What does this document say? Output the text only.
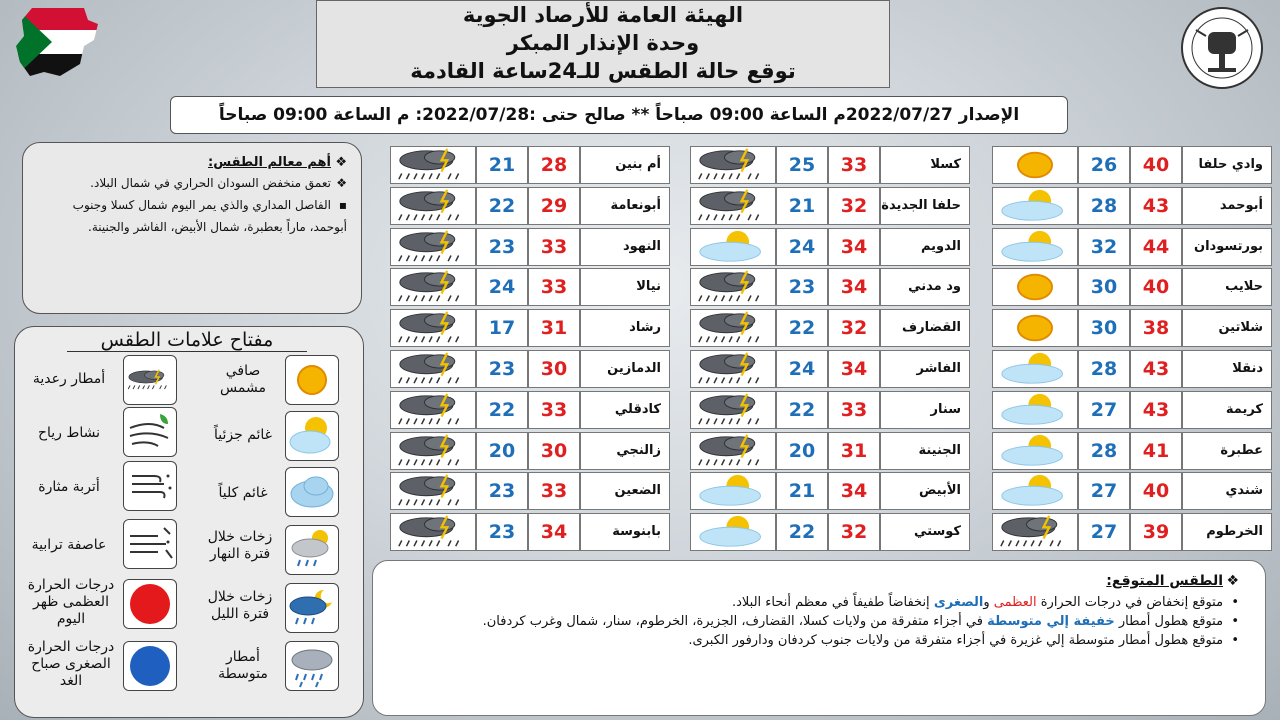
الهيئة العامة للأرصاد الجوية
وحدة الإنذار المبكر
توقع حالة الطقس للـ24ساعة القادمة
الإصدار 2022/07/27م الساعة 09:00 صباحاً ** صالح حتى :2022/07/28: م الساعة 09:00 صباحاً
❖أهم معالم الطقس:
❖تعمق منخفض السودان الحراري في شمال البلاد.
▪الفاصل المداري والذي يمر اليوم شمال كسلا وجنوب
أبوحمد، ماراً بعطبرة، شمال الأبيض، الفاشر والجنينة.
مفتاح علامات الطقس
أمطار رعدية	صافي مشمس
نشاط رياح	غائم جزئياً
أتربة مثارة	غائم كلياً
عاصفة ترابية	زخات خلال فترة النهار
درجات الحرارة العظمى ظهر اليوم
زخات خلال فترة الليل
درجات الحرارة الصغرى صباح الغد
أمطار متوسطة
21	28	أم بنين
22	29	أبونعامة
23	33	النهود
24	33	نيالا
17	31	رشاد
23	30	الدمازين
22	33	كادقلي
20	30	زالنجي
23	33	الضعين
23	34	بابنوسة
25	33	كسلا
21	32	حلفا الجديدة
24	34	الدويم
23	34	ود مدني
22	32	القضارف
24	34	الفاشر
22	33	سنار
20	31	الجنينة
21	34	الأبيض
22	32	كوستي
26	40	وادي حلفا
28	43	أبوحمد
32	44	بورتسودان
30	40	حلايب
30	38	شلاتين
28	43	دنقلا
27	43	كريمة
28	41	عطبرة
27	40	شندي
27	39	الخرطوم
❖الطقس المتوقع:
•  متوقع إنخفاض في درجات الحرارة العظمى والصغرى إنخفاضاً طفيفاً في معظم أنحاء البلاد.
•  متوقع هطول أمطار خفيفة إلي متوسطة في أجزاء متفرقة من ولايات كسلا، القضارف، الجزيرة، الخرطوم، سنار، شمال وغرب كردفان.
•  متوقع هطول أمطار متوسطة إلي غزيرة في أجزاء متفرقة من ولايات جنوب كردفان ودارفور الكبرى.
